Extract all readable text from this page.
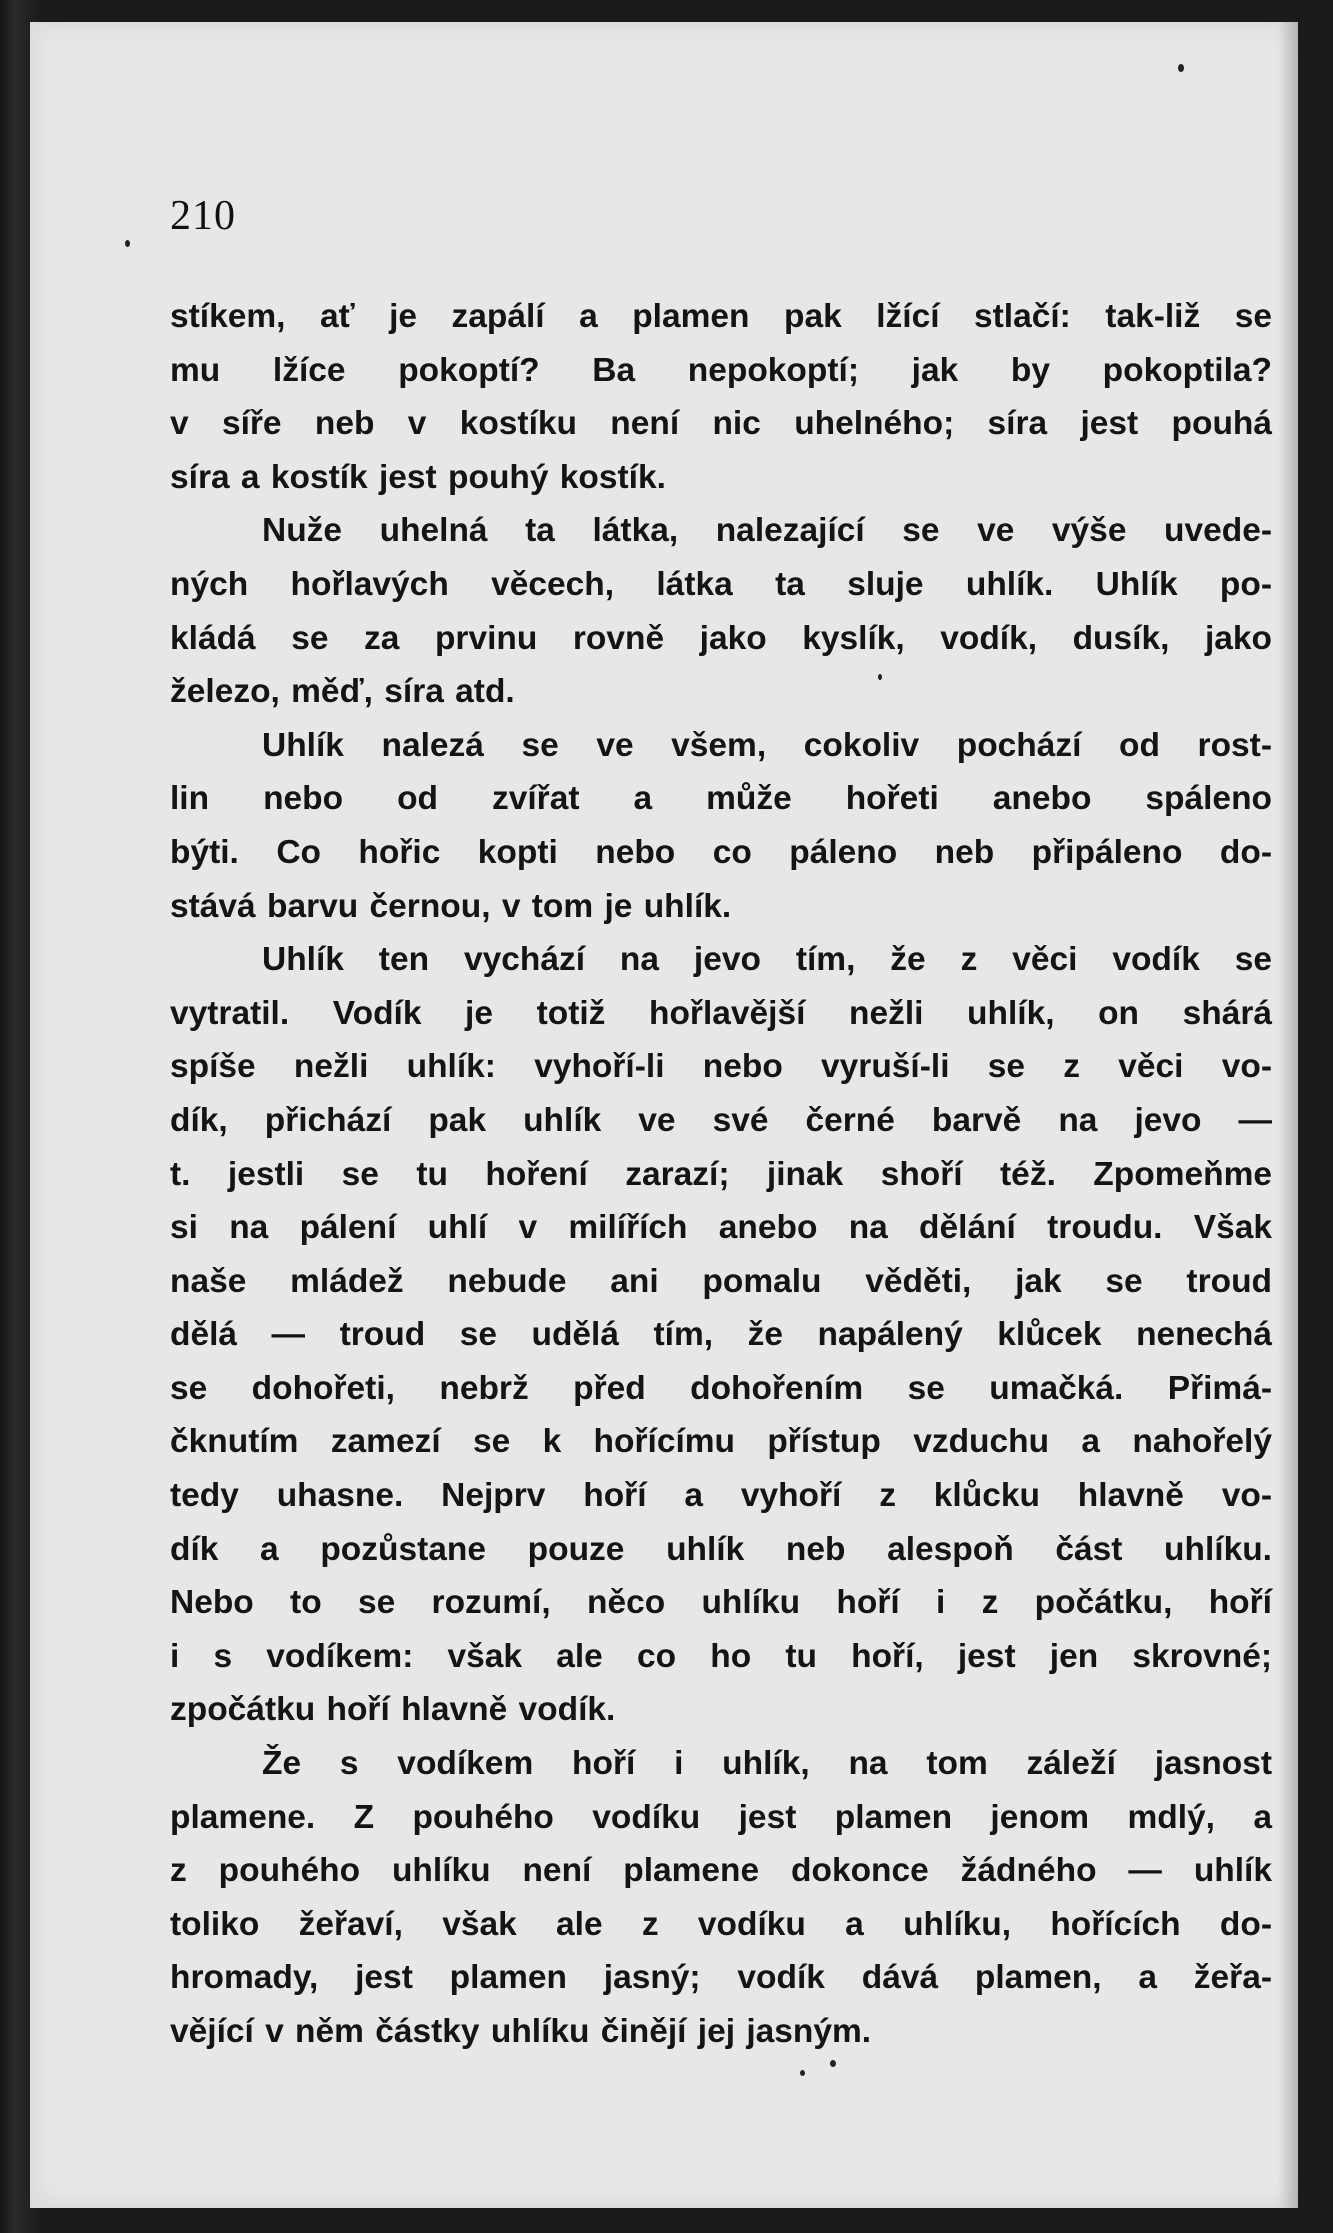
210
stíkem, ať je zapálí a plamen pak lžící stlačí: tak-liž se
mu lžíce pokoptí? Ba nepokoptí; jak by pokoptila?
v síře neb v kostíku není nic uhelného; síra jest pouhá
síra a kostík jest pouhý kostík.
Nuže uhelná ta látka, nalezající se ve výše uvede-
ných hořlavých věcech, látka ta sluje uhlík. Uhlík po-
kládá se za prvinu rovně jako kyslík, vodík, dusík, jako
železo, měď, síra atd.
Uhlík nalezá se ve všem, cokoliv pochází od rost-
lin nebo od zvířat a může hořeti anebo spáleno
býti. Co hořic kopti nebo co páleno neb připáleno do-
stává barvu černou, v tom je uhlík.
Uhlík ten vychází na jevo tím, že z věci vodík se
vytratil. Vodík je totiž hořlavější nežli uhlík, on shárá
spíše nežli uhlík: vyhoří-li nebo vyruší-li se z věci vo-
dík, přichází pak uhlík ve své černé barvě na jevo —
t. jestli se tu hoření zarazí; jinak shoří též. Zpomeňme
si na pálení uhlí v milířích anebo na dělání troudu. Však
naše mládež nebude ani pomalu věděti, jak se troud
dělá — troud se udělá tím, že napálený klůcek nenechá
se dohořeti, nebrž před dohořením se umačká. Přimá-
čknutím zamezí se k hořícímu přístup vzduchu a nahořelý
tedy uhasne. Nejprv hoří a vyhoří z klůcku hlavně vo-
dík a pozůstane pouze uhlík neb alespoň část uhlíku.
Nebo to se rozumí, něco uhlíku hoří i z počátku, hoří
i s vodíkem: však ale co ho tu hoří, jest jen skrovné;
zpočátku hoří hlavně vodík.
Že s vodíkem hoří i uhlík, na tom záleží jasnost
plamene. Z pouhého vodíku jest plamen jenom mdlý, a
z pouhého uhlíku není plamene dokonce žádného — uhlík
toliko žeřaví, však ale z vodíku a uhlíku, hořících do-
hromady, jest plamen jasný; vodík dává plamen, a žeřa-
vějící v něm částky uhlíku činějí jej jasným.
